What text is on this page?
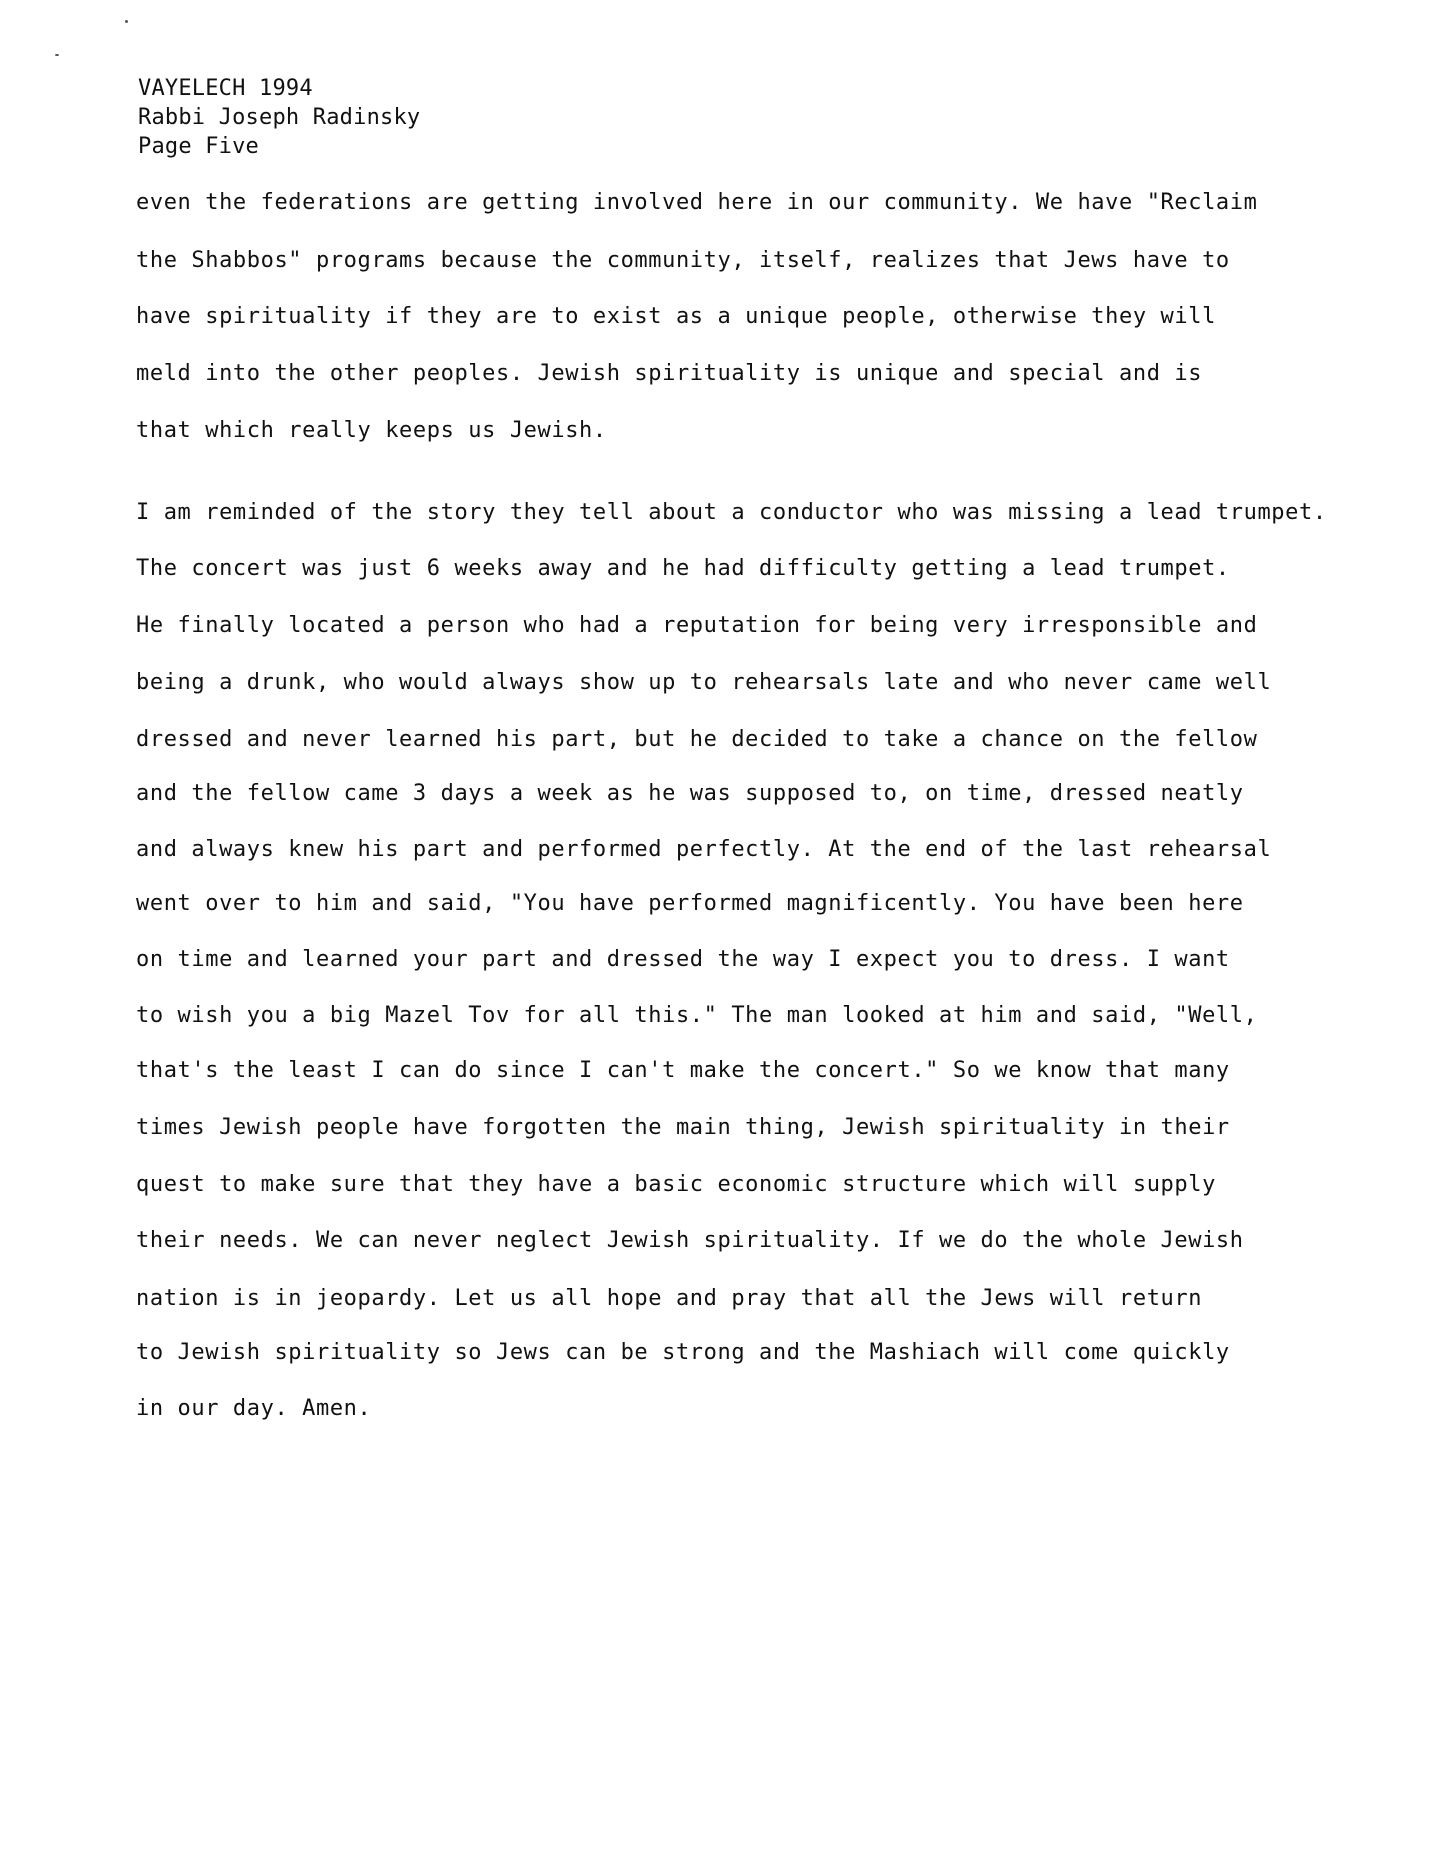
VAYELECH 1994
Rabbi Joseph Radinsky
Page Five
even the federations are getting involved here in our community. We have "Reclaim
the Shabbos" programs because the community, itself, realizes that Jews have to
have spirituality if they are to exist as a unique people, otherwise they will
meld into the other peoples. Jewish spirituality is unique and special and is
that which really keeps us Jewish.
I am reminded of the story they tell about a conductor who was missing a lead trumpet.
The concert was just 6 weeks away and he had difficulty getting a lead trumpet.
He finally located a person who had a reputation for being very irresponsible and
being a drunk, who would always show up to rehearsals late and who never came well
dressed and never learned his part, but he decided to take a chance on the fellow
and the fellow came 3 days a week as he was supposed to, on time, dressed neatly
and always knew his part and performed perfectly. At the end of the last rehearsal
went over to him and said, "You have performed magnificently. You have been here
on time and learned your part and dressed the way I expect you to dress. I want
to wish you a big Mazel Tov for all this." The man looked at him and said, "Well,
that's the least I can do since I can't make the concert." So we know that many
times Jewish people have forgotten the main thing, Jewish spirituality in their
quest to make sure that they have a basic economic structure which will supply
their needs. We can never neglect Jewish spirituality. If we do the whole Jewish
nation is in jeopardy. Let us all hope and pray that all the Jews will return
to Jewish spirituality so Jews can be strong and the Mashiach will come quickly
in our day. Amen.
